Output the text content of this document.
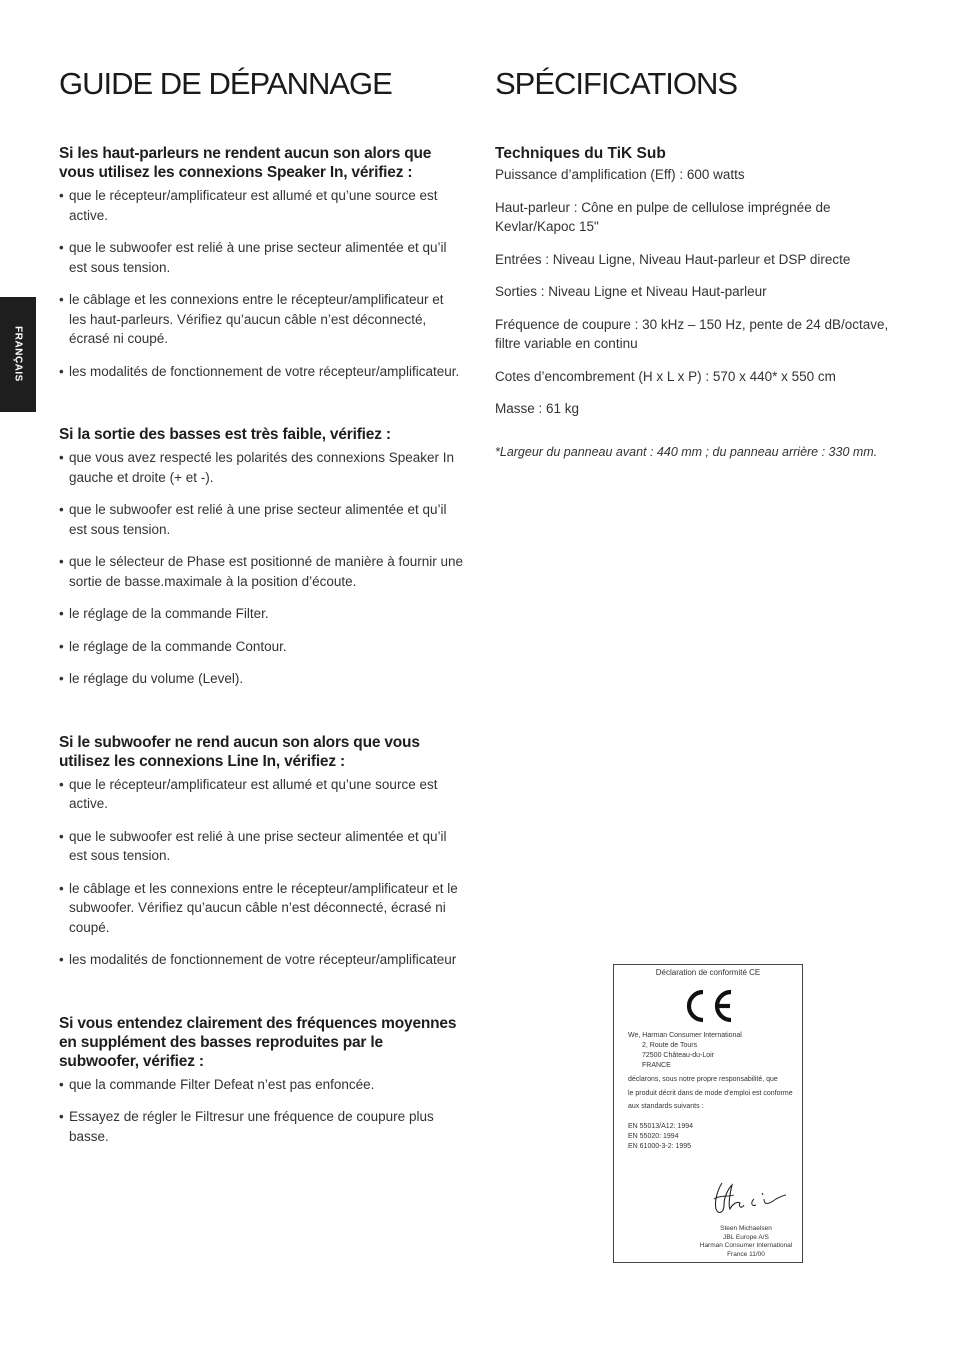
FRANÇAIS
GUIDE DE DÉPANNAGE
Si les haut-parleurs ne rendent aucun son alors que vous utilisez les connexions Speaker In, vérifiez :
• que le récepteur/amplificateur est allumé et qu’une source est active.
• que le subwoofer est relié à une prise secteur alimentée et qu’il est sous tension.
• le câblage et les connexions entre le récepteur/amplificateur et les haut-parleurs. Vérifiez qu’aucun câble n’est déconnecté, écrasé ni coupé.
• les modalités de fonctionnement de votre récepteur/amplificateur.
Si la sortie des basses est très faible, vérifiez :
• que vous avez respecté les polarités des connexions Speaker In gauche et droite (+ et -).
• que le subwoofer est relié à une prise secteur alimentée et qu’il est sous tension.
• que le sélecteur de Phase est positionné de manière à fournir une sortie de basse.maximale à la position d’écoute.
• le réglage de la commande Filter.
• le réglage de la commande Contour.
• le réglage du volume (Level).
Si le subwoofer ne rend aucun son alors que vous utilisez les connexions Line In, vérifiez :
• que le récepteur/amplificateur est allumé et qu’une source est active.
• que le subwoofer est relié à une prise secteur alimentée et qu’il est sous tension.
• le câblage et les connexions entre le récepteur/amplificateur et le subwoofer. Vérifiez qu’aucun câble n’est déconnecté, écrasé ni coupé.
• les modalités de fonctionnement de votre récepteur/amplificateur
Si vous entendez clairement des fréquences moyennes en supplément des basses reproduites par le subwoofer, vérifiez :
• que la commande Filter Defeat n’est pas enfoncée.
• Essayez de régler le Filtresur une fréquence de coupure plus basse.
SPÉCIFICATIONS
Techniques du TiK Sub

Puissance d’amplification (Eff) : 600 watts

Haut-parleur : Cône en pulpe de cellulose imprégnée de Kevlar/Kapoc 15"

Entrées : Niveau Ligne, Niveau Haut-parleur et DSP directe

Sorties : Niveau Ligne et Niveau Haut-parleur

Fréquence de coupure : 30 kHz – 150 Hz, pente de 24 dB/octave, filtre variable en continu

Cotes d’encombrement (H x L x P) : 570 x 440* x 550 cm

Masse : 61 kg

*Largeur du panneau avant : 440 mm ; du panneau arrière : 330 mm.

Déclaration de conformité CE
We, Harman Consumer International
2, Route de Tours
72500 Château-du-Loir
FRANCE
déclarons, sous notre propre responsabilité, que
le produit décrit dans de mode d’emploi est conforme
aux standards suivants :
EN 55013/A12: 1994
EN 55020: 1994
EN 61000-3-2: 1995
Steen Michaelsen
JBL Europe A/S
Harman Consumer International
France 11/00
